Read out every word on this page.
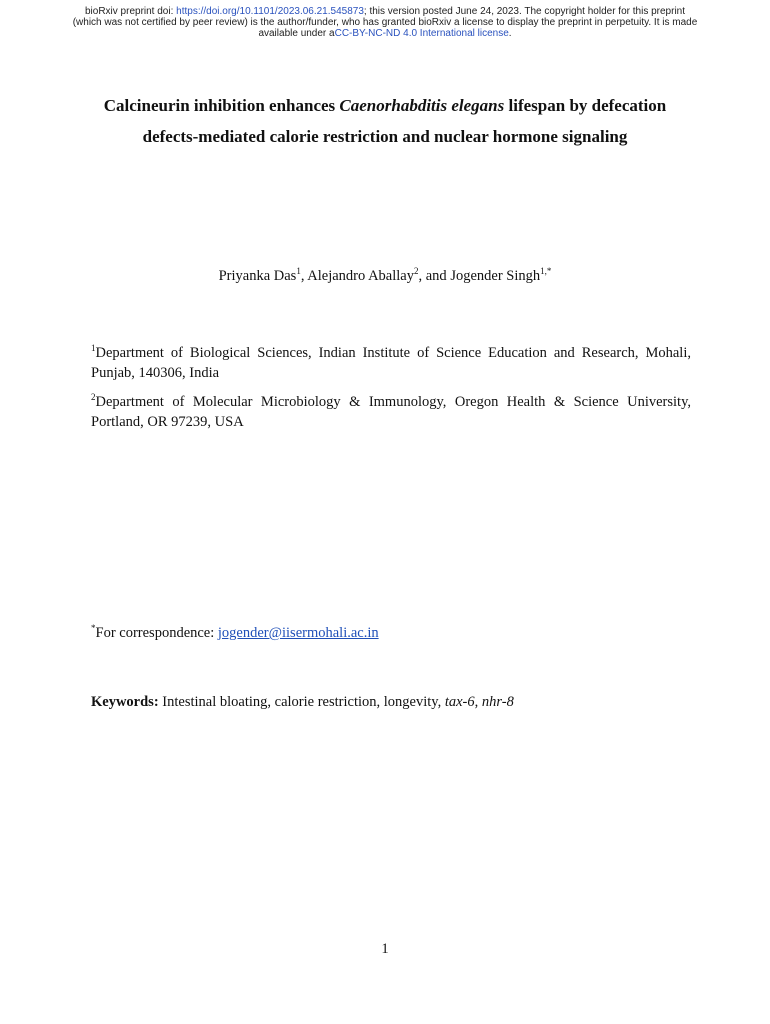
bioRxiv preprint doi: https://doi.org/10.1101/2023.06.21.545873; this version posted June 24, 2023. The copyright holder for this preprint
(which was not certified by peer review) is the author/funder, who has granted bioRxiv a license to display the preprint in perpetuity. It is made
available under aCC-BY-NC-ND 4.0 International license.
Calcineurin inhibition enhances Caenorhabditis elegans lifespan by defecation
defects-mediated calorie restriction and nuclear hormone signaling
Priyanka Das$^1$, Alejandro Aballay$^2$, and Jogender Singh$^{1,*}$
$^1$Department of Biological Sciences, Indian Institute of Science Education and Research, Mohali, Punjab, 140306, India
$^2$Department of Molecular Microbiology & Immunology, Oregon Health & Science University, Portland, OR 97239, USA
*For correspondence: jogender@iisermohali.ac.in
Keywords: Intestinal bloating, calorie restriction, longevity, tax-6, nhr-8
1
